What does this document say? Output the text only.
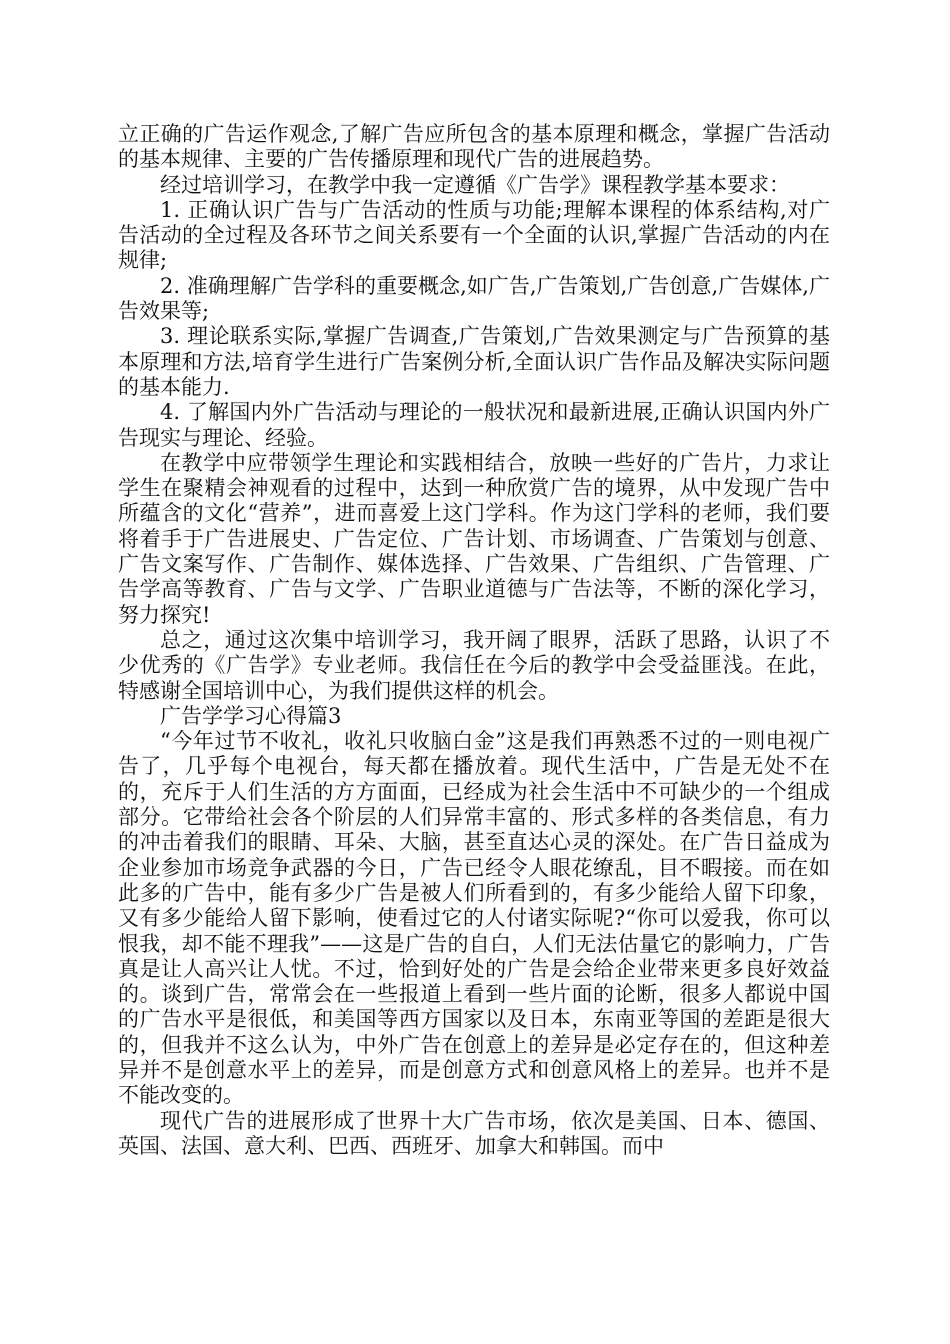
立正确的广告运作观念,了解广告应所包含的基本原理和概念，掌握广告活动的基本规律、主要的广告传播原理和现代广告的进展趋势。

经过培训学习，在教学中我一定遵循《广告学》课程教学基本要求：

1. 正确认识广告与广告活动的性质与功能;理解本课程的体系结构,对广告活动的全过程及各环节之间关系要有一个全面的认识,掌握广告活动的内在规律;

2. 准确理解广告学科的重要概念,如广告,广告策划,广告创意,广告媒体,广告效果等;

3. 理论联系实际,掌握广告调查,广告策划,广告效果测定与广告预算的基本原理和方法,培育学生进行广告案例分析,全面认识广告作品及解决实际问题的基本能力.

4. 了解国内外广告活动与理论的一般状况和最新进展,正确认识国内外广告现实与理论、经验。

在教学中应带领学生理论和实践相结合，放映一些好的广告片，力求让学生在聚精会神观看的过程中，达到一种欣赏广告的境界，从中发现广告中所蕴含的文化“营养”，进而喜爱上这门学科。作为这门学科的老师，我们要将着手于广告进展史、广告定位、广告计划、市场调查、广告策划与创意、广告文案写作、广告制作、媒体选择、广告效果、广告组织、广告管理、广告学高等教育、广告与文学、广告职业道德与广告法等，不断的深化学习，努力探究!

总之，通过这次集中培训学习，我开阔了眼界，活跃了思路，认识了不少优秀的《广告学》专业老师。我信任在今后的教学中会受益匪浅。在此，特感谢全国培训中心，为我们提供这样的机会。

广告学学习心得篇3

“今年过节不收礼，收礼只收脑白金”这是我们再熟悉不过的一则电视广告了，几乎每个电视台，每天都在播放着。现代生活中，广告是无处不在的，充斥于人们生活的方方面面，已经成为社会生活中不可缺少的一个组成部分。它带给社会各个阶层的人们异常丰富的、形式多样的各类信息，有力的冲击着我们的眼睛、耳朵、大脑，甚至直达心灵的深处。在广告日益成为企业参加市场竞争武器的今日，广告已经令人眼花缭乱，目不暇接。而在如此多的广告中，能有多少广告是被人们所看到的，有多少能给人留下印象，又有多少能给人留下影响，使看过它的人付诸实际呢?“你可以爱我，你可以恨我，却不能不理我”——这是广告的自白，人们无法估量它的影响力，广告真是让人高兴让人忧。不过，恰到好处的广告是会给企业带来更多良好效益的。谈到广告，常常会在一些报道上看到一些片面的论断，很多人都说中国的广告水平是很低，和美国等西方国家以及日本，东南亚等国的差距是很大的，但我并不这么认为，中外广告在创意上的差异是必定存在的，但这种差异并不是创意水平上的差异，而是创意方式和创意风格上的差异。也并不是不能改变的。

现代广告的进展形成了世界十大广告市场，依次是美国、日本、德国、英国、法国、意大利、巴西、西班牙、加拿大和韩国。而中
